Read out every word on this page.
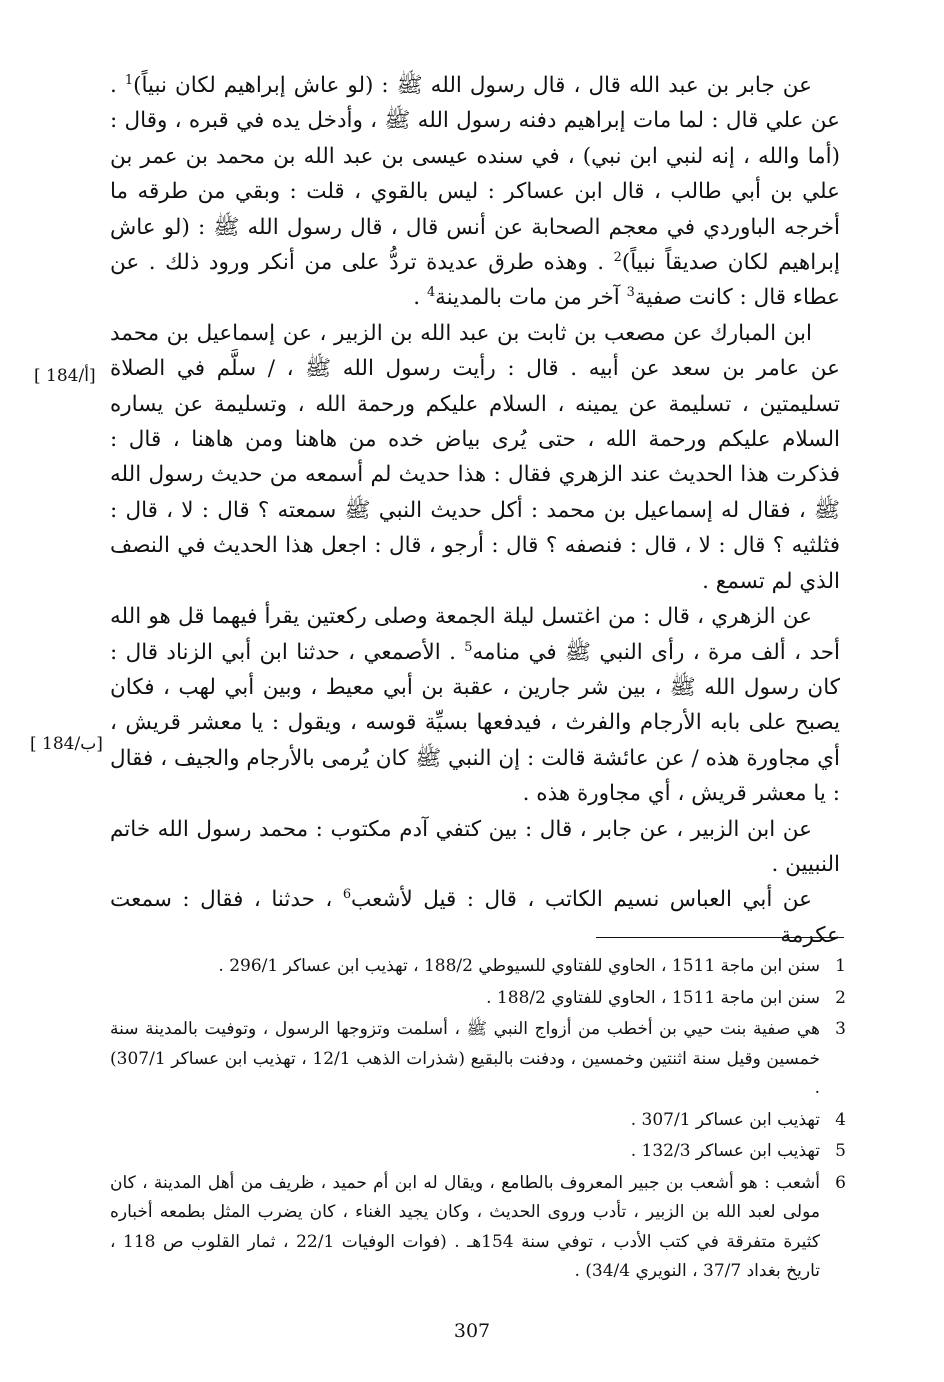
عن جابر بن عبد الله قال ، قال رسول الله ﷺ : (لو عاش إبراهيم لكان نبياً)$^1$ . عن علي قال : لما مات إبراهيم دفنه رسول الله ﷺ ، وأدخل يده في قبره ، وقال : (أما والله ، إنه لنبي ابن نبي) ، في سنده عيسى بن عبد الله بن محمد بن عمر بن علي بن أبي طالب ، قال ابن عساكر : ليس بالقوي ، قلت : وبقي من طرقه ما أخرجه الباوردي في معجم الصحابة عن أنس قال ، قال رسول الله ﷺ : (لو عاش إبراهيم لكان صديقاً نبياً)$^2$ . وهذه طرق عديدة تردُّ على من أنكر ورود ذلك . عن عطاء قال : كانت صفية$^3$ آخر من مات بالمدينة$^4$ .

ابن المبارك عن مصعب بن ثابت بن عبد الله بن الزبير ، عن إسماعيل بن محمد عن عامر بن سعد عن أبيه . قال : رأيت رسول الله ﷺ ، / سلَّم في الصلاة تسليمتين ، تسليمة عن يمينه ، السلام عليكم ورحمة الله ، وتسليمة عن يساره السلام عليكم ورحمة الله ، حتى يُرى بياض خده من هاهنا ومن هاهنا ، قال : فذكرت هذا الحديث عند الزهري فقال : هذا حديث لم أسمعه من حديث رسول الله ﷺ ، فقال له إسماعيل بن محمد : أكل حديث النبي ﷺ سمعته ؟ قال : لا ، قال : فثلثيه ؟ قال : لا ، قال : فنصفه ؟ قال : أرجو ، قال : اجعل هذا الحديث في النصف الذي لم تسمع .

عن الزهري ، قال : من اغتسل ليلة الجمعة وصلى ركعتين يقرأ فيهما قل هو الله أحد ، ألف مرة ، رأى النبي ﷺ في منامه$^5$ . الأصمعي ، حدثنا ابن أبي الزناد قال : كان رسول الله ﷺ ، بين شر جارين ، عقبة بن أبي معيط ، وبين أبي لهب ، فكان يصبح على بابه الأرجام والفرث ، فيدفعها بسيِّة قوسه ، ويقول : يا معشر قريش ، أي مجاورة هذه / عن عائشة قالت : إن النبي ﷺ كان يُرمى بالأرجام والجيف ، فقال : يا معشر قريش ، أي مجاورة هذه .

عن ابن الزبير ، عن جابر ، قال : بين كتفي آدم مكتوب : محمد رسول الله خاتم النبيين .

عن أبي العباس نسيم الكاتب ، قال : قيل لأشعب$^6$ ، حدثنا ، فقال : سمعت عكرمة

[ 184/أ]
[ 184/ب]
1
سنن ابن ماجة 1511 ، الحاوي للفتاوي للسيوطي 188/2 ، تهذيب ابن عساكر 296/1 .
2
سنن ابن ماجة 1511 ، الحاوي للفتاوي 188/2 .
3
هي صفية بنت حيي بن أخطب من أزواج النبي ﷺ ، أسلمت وتزوجها الرسول ، وتوفيت بالمدينة سنة خمسين وقيل سنة اثنتين وخمسين ، ودفنت بالبقيع (شذرات الذهب 12/1 ، تهذيب ابن عساكر 307/1) .
4
تهذيب ابن عساكر 307/1 .
5
تهذيب ابن عساكر 132/3 .
6
أشعب : هو أشعب بن جبير المعروف بالطامع ، ويقال له ابن أم حميد ، ظريف من أهل المدينة ، كان مولى لعبد الله بن الزبير ، تأدب وروى الحديث ، وكان يجيد الغناء ، كان يضرب المثل بطمعه أخباره كثيرة متفرقة في كتب الأدب ، توفي سنة 154هـ . (فوات الوفيات 22/1 ، ثمار القلوب ص 118 ، تاريخ بغداد 37/7 ، النويري 34/4) .
307
